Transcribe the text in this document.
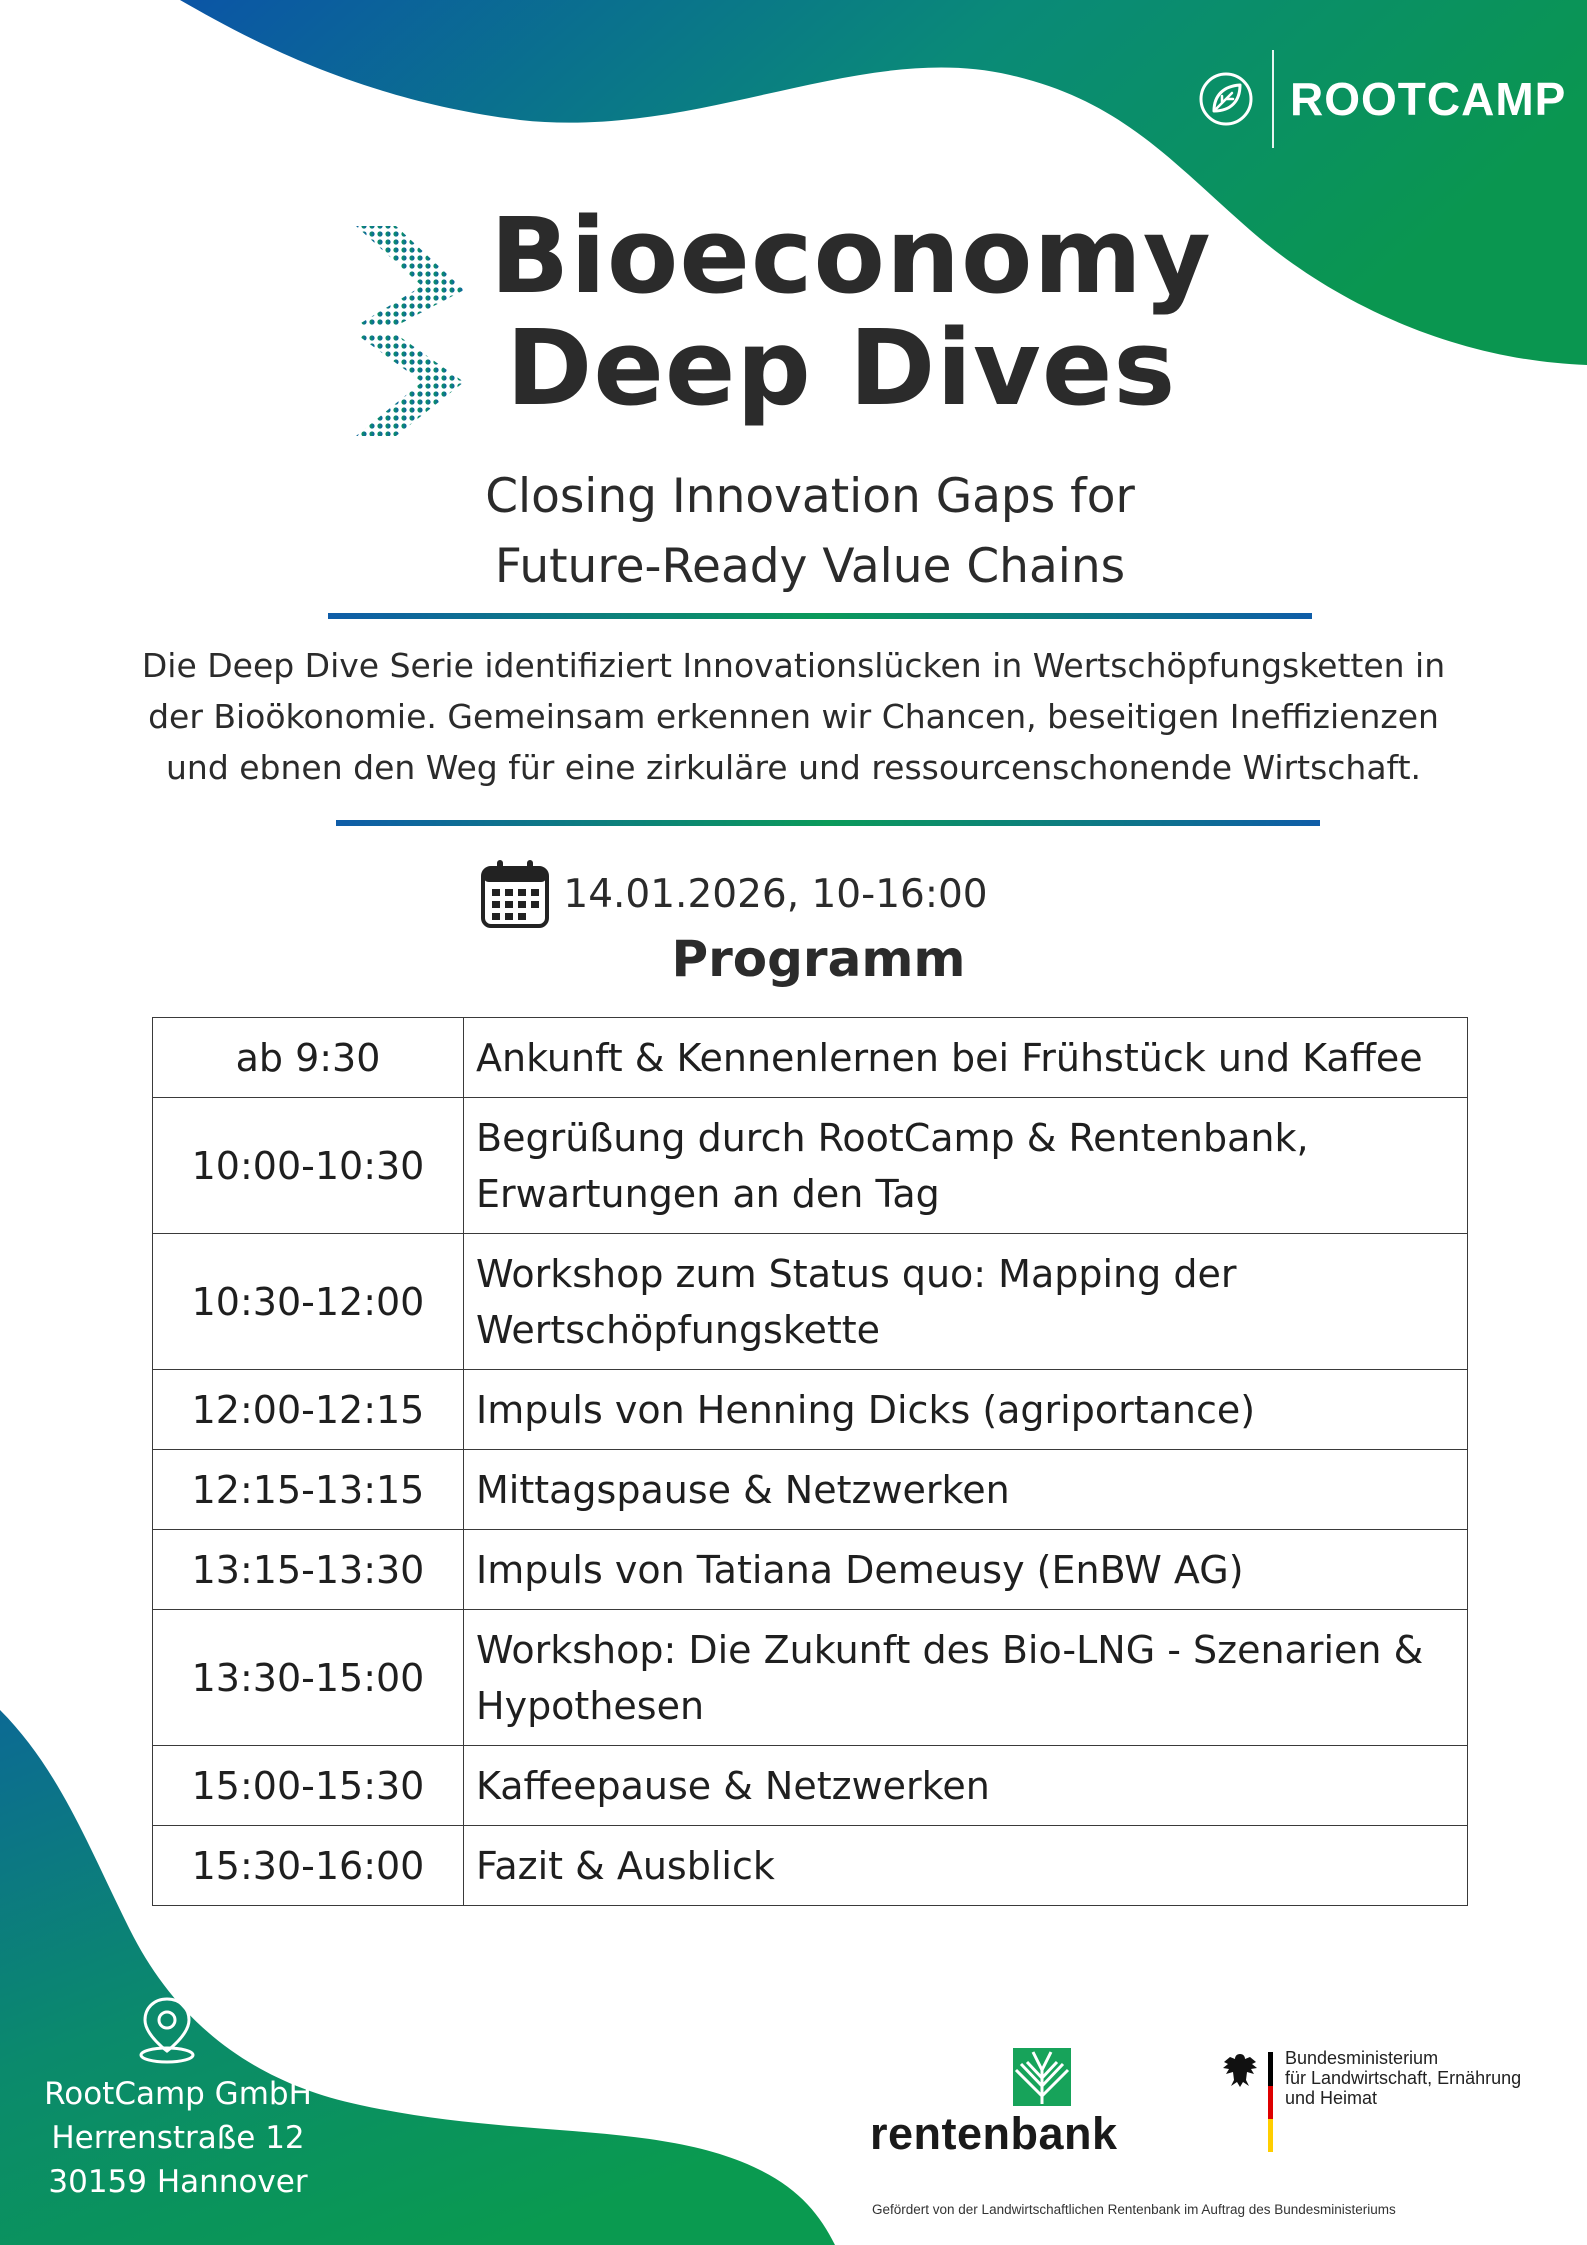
ROOTCAMP
Bioeconomy
Deep Dives
Closing Innovation Gaps for
Future-Ready Value Chains
Die Deep Dive Serie identifiziert Innovationslücken in Wertschöpfungsketten in
der Bioökonomie. Gemeinsam erkennen wir Chancen, beseitigen Ineffizienzen
und ebnen den Weg für eine zirkuläre und ressourcenschonende Wirtschaft.
14.01.2026, 10-16:00
Programm
ab 9:30	Ankunft & Kennenlernen bei Frühstück und Kaffee

10:00-10:30	Begrüßung durch RootCamp & Rentenbank,
Erwartungen an den Tag

10:30-12:00	Workshop zum Status quo: Mapping der
Wertschöpfungskette

12:00-12:15	Impuls von Henning Dicks (agriportance)

12:15-13:15	Mittagspause & Netzwerken

13:15-13:30	Impuls von Tatiana Demeusy (EnBW AG)

13:30-15:00	Workshop: Die Zukunft des Bio-LNG - Szenarien &
Hypothesen

15:00-15:30	Kaffeepause & Netzwerken

15:30-16:00	Fazit & Ausblick
RootCamp GmbH
Herrenstraße 12
30159 Hannover
rentenbank
Bundesministerium
für Landwirtschaft, Ernährung
und Heimat
Gefördert von der Landwirtschaftlichen Rentenbank im Auftrag des Bundesministeriums
